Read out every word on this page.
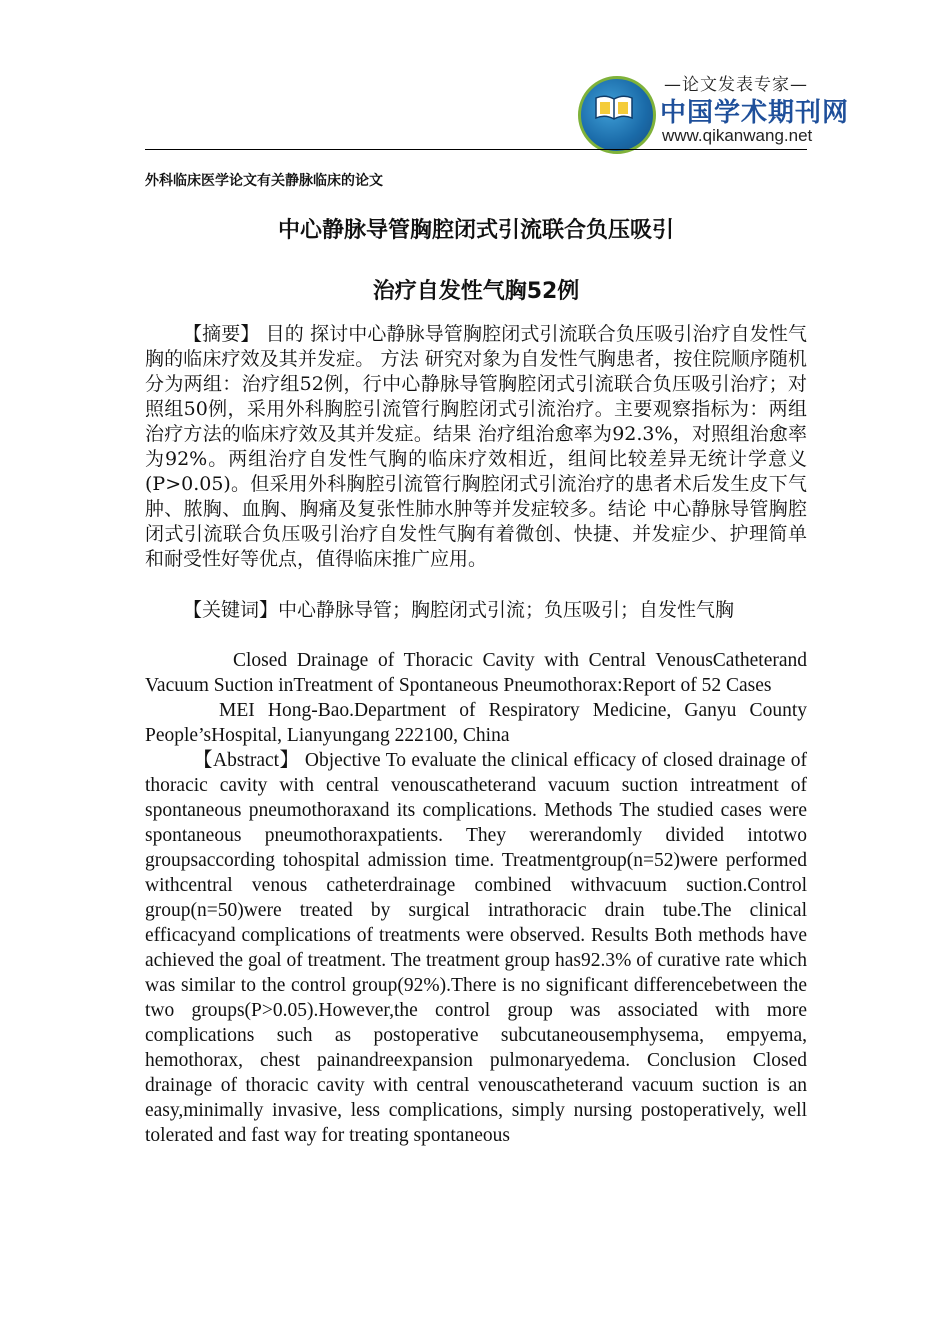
—论文发表专家—
中国学术期刊网
www.qikanwang.net
外科临床医学论文有关静脉临床的论文
中心静脉导管胸腔闭式引流联合负压吸引
治疗自发性气胸52例

【摘要】 目的 探讨中心静脉导管胸腔闭式引流联合负压吸引治疗自发性气胸的临床疗效及其并发症。 方法 研究对象为自发性气胸患者，按住院顺序随机分为两组：治疗组52例，行中心静脉导管胸腔闭式引流联合负压吸引治疗；对照组50例，采用外科胸腔引流管行胸腔闭式引流治疗。主要观察指标为：两组治疗方法的临床疗效及其并发症。结果 治疗组治愈率为92.3%，对照组治愈率为92%。两组治疗自发性气胸的临床疗效相近，组间比较差异无统计学意义(P>0.05)。但采用外科胸腔引流管行胸腔闭式引流治疗的患者术后发生皮下气肿、脓胸、血胸、胸痛及复张性肺水肿等并发症较多。结论 中心静脉导管胸腔闭式引流联合负压吸引治疗自发性气胸有着微创、快捷、并发症少、护理简单和耐受性好等优点，值得临床推广应用。

【关键词】中心静脉导管；胸腔闭式引流；负压吸引；自发性气胸

Closed Drainage of Thoracic Cavity with Central VenousCatheterand Vacuum Suction inTreatment of Spontaneous Pneumothorax:Report of 52 Cases

MEI Hong-Bao.Department of Respiratory Medicine, Ganyu County People’sHospital, Lianyungang 222100, China

【Abstract】 Objective To evaluate the clinical efficacy of closed drainage of thoracic cavity with central venouscatheterand vacuum suction intreatment of spontaneous pneumothoraxand its complications. Methods The studied cases were spontaneous pneumothoraxpatients. They wererandomly divided intotwo groupsaccording tohospital admission time. Treatmentgroup(n=52)were performed withcentral venous catheterdrainage combined withvacuum suction.Control group(n=50)were treated by surgical intrathoracic drain tube.The clinical efficacyand complications of treatments were observed. Results Both methods have achieved the goal of treatment. The treatment group has92.3% of curative rate which was similar to the control group(92%).There is no significant differencebetween the two groups(P>0.05).However,the control group was associated with more complications such as postoperative subcutaneousemphysema, empyema, hemothorax, chest painandreexpansion pulmonaryedema. Conclusion Closed drainage of thoracic cavity with central venouscatheterand vacuum suction is an easy,minimally invasive, less complications, simply nursing postoperatively, well tolerated and fast way for treating spontaneous
